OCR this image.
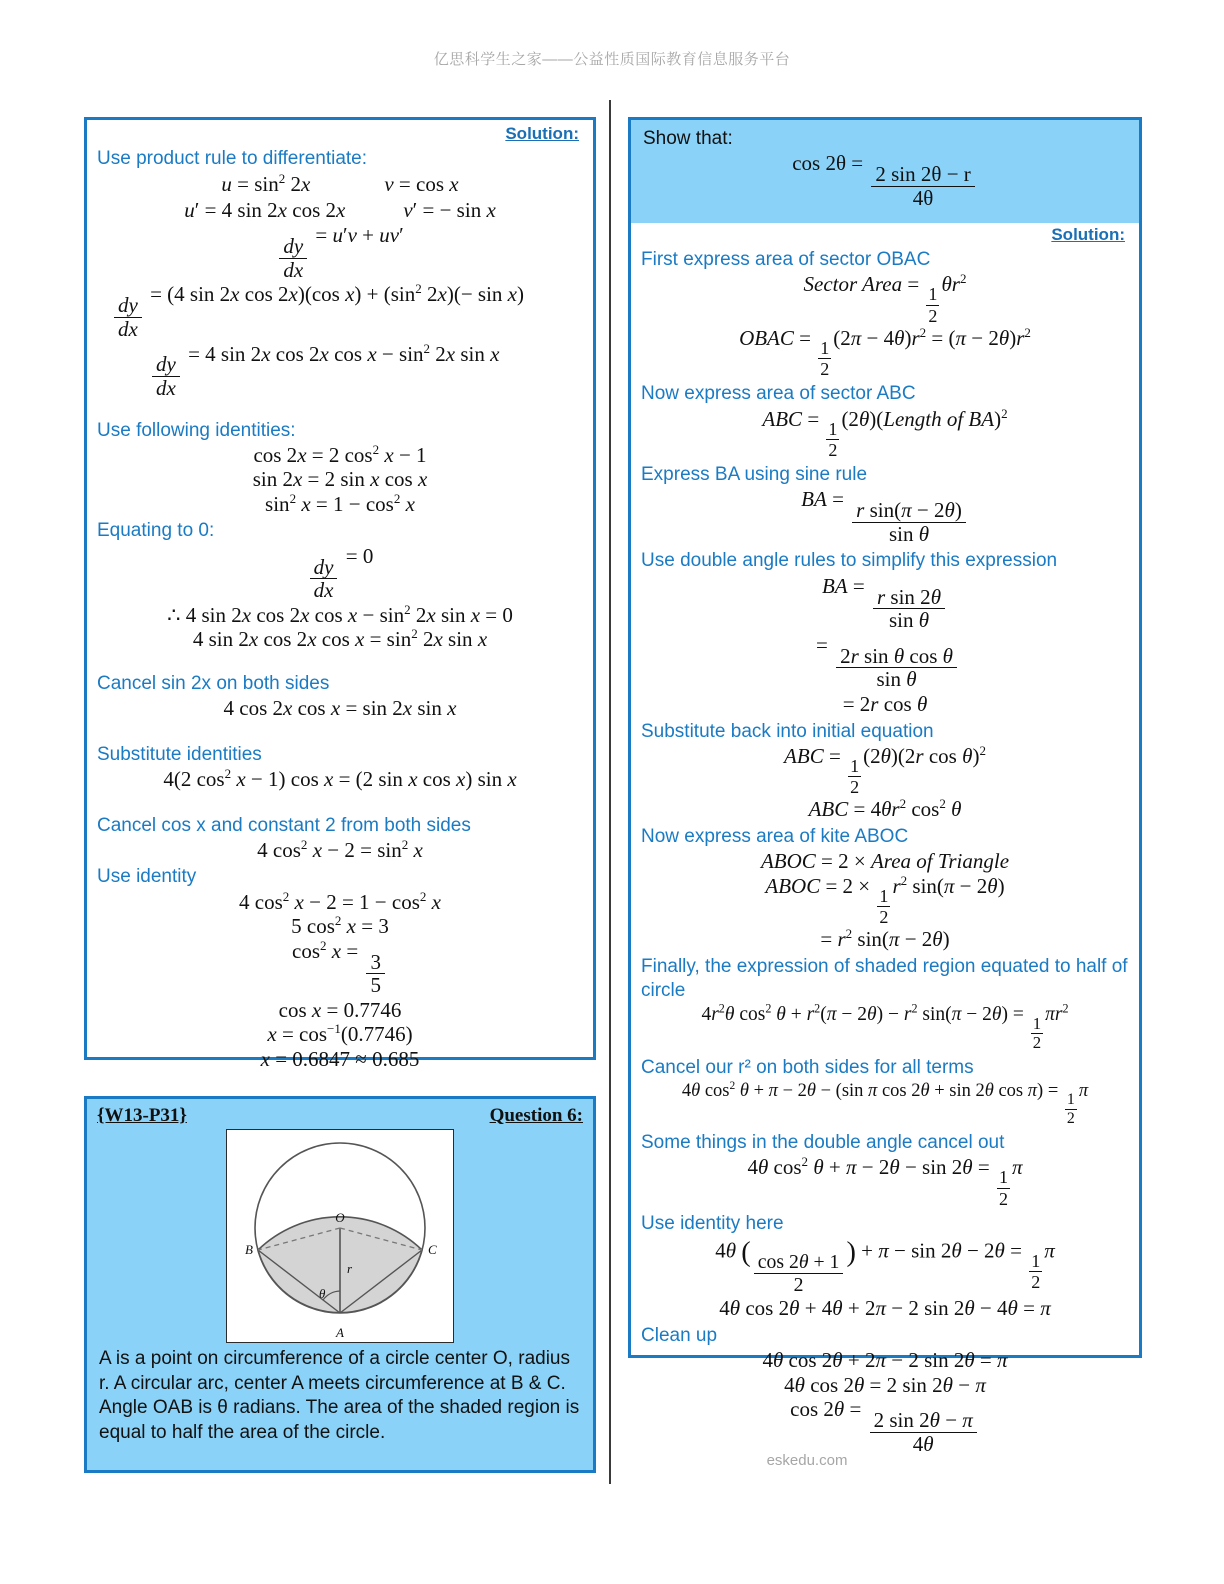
亿思科学生之家——公益性质国际教育信息服务平台
Solution:
Use product rule to differentiate:
$u = \sin^2 2x$	v = cos x
u′ = 4 sin 2x cos 2x	v′ = − sin x
$\frac{dy}{dx} = u'v + uv'$
$\frac{dy}{dx} = (4$ sin 2x cos 2x)(cos $x) + (\sin^2$ 2x)(− sin x)
$\frac{dy}{dx} = 4$ sin 2x cos 2x $\cos x - \sin^2 2x$ sin x
Use following identities:
cos 2x = 2 $\cos^2 x - 1$
sin 2x = 2 sin x cos x
$\sin^2 x = 1 - \cos^2 x$
Equating to 0:
$\frac{dy}{dx} = 0$
∴ 4 sin 2x cos 2x $\cos x - \sin^2 2x$ sin x = 0
4 sin 2x cos 2x $\cos x = \sin^2 2x$ sin x
Cancel sin 2x on both sides
4 cos 2x cos x = sin 2x sin x
Substitute identities
4(2 $\cos^2 x - 1$) cos x = (2 sin x cos x) sin x
Cancel cos x and constant 2 from both sides
4 $\cos^2 x - 2 = \sin^2 x$
Use identity
4 $\cos^2 x - 2 = 1 - \cos^2 x$
5 $\cos^2 x = 3$
$\cos^2 x = \frac{3}{5}$
cos x = 0.7746
$x = \cos^{-1}(0.7746)$
x = 0.6847 ≈ 0.685
{W13-P31}	Question 6:
O
B	C
A
r
θ
A is a point on circumference of a circle center O, radius r. A circular arc, center A meets circumference at B & C. Angle OAB is θ radians. The area of the shaded region is equal to half the area of the circle.
Show that:
$\cos 2\theta = \frac{2 \sin 2\theta - r}{4\theta}$
Solution:
First express area of sector OBAC
Sector Area =
$\frac{1}{2}$
$\theta r^2$
OBAC =
$\frac{1}{2}$
$(2\pi - 4\theta)r^2 = (\pi - 2\theta)r^2$
Now express area of sector ABC
ABC =
$\frac{1}{2}$
(2θ)(Length of BA)$^2$
Express BA using sine rule
BA = $\frac{\text{r sin(π − 2θ)}}{\text{sin θ}}$
Use double angle rules to simplify this expression
BA = $\frac{\text{r sin 2θ}}{\text{sin θ}}$
= $\frac{\text{2r sin θ cos θ}}{\text{sin θ}}$
= 2r cos θ
Substitute back into initial equation
ABC =
$\frac{1}{2}$
(2θ)(2r cos θ)$^2$
ABC = $4\theta r^2$ $\cos^2 \theta$
Now express area of kite ABOC
ABOC = 2 × Area of Triangle
ABOC = 2 ×
$\frac{1}{2}$
$r^2$ sin(π − 2θ)
= $r^2$ sin(π − 2θ)
Finally, the expression of shaded region equated to half of circle
$4r^2\theta$ $\cos^2 \theta + r^2(\pi - 2\theta) - r^2$ $\sin(\pi - 2\theta) = \frac{1}{2} \pi r^2$
Cancel our r² on both sides for all terms
4θ $\cos^2 \theta + \pi - 2\theta - (\sin$ π cos 2θ + sin 2θ $\cos \pi) = \frac{1}{2}$ π
Some things in the double angle cancel out
4θ $\cos^2 \theta + \pi - 2\theta - \sin 2\theta$ =
$\frac{1}{2}$
π
Use identity here
4θ ( $\frac{\cos 2\theta + 1}{2}$ ) + π − sin 2θ − 2θ =
$\frac{1}{2}$
π
4θ cos 2θ + 4θ + 2π − 2 sin 2θ − 4θ = π
Clean up
4θ cos 2θ + 2π − 2 sin 2θ = π
4θ cos 2θ = 2 sin 2θ − π
$\cos 2\theta = \frac{2 \sin 2\theta - \pi}{4\theta}$
eskedu.com
